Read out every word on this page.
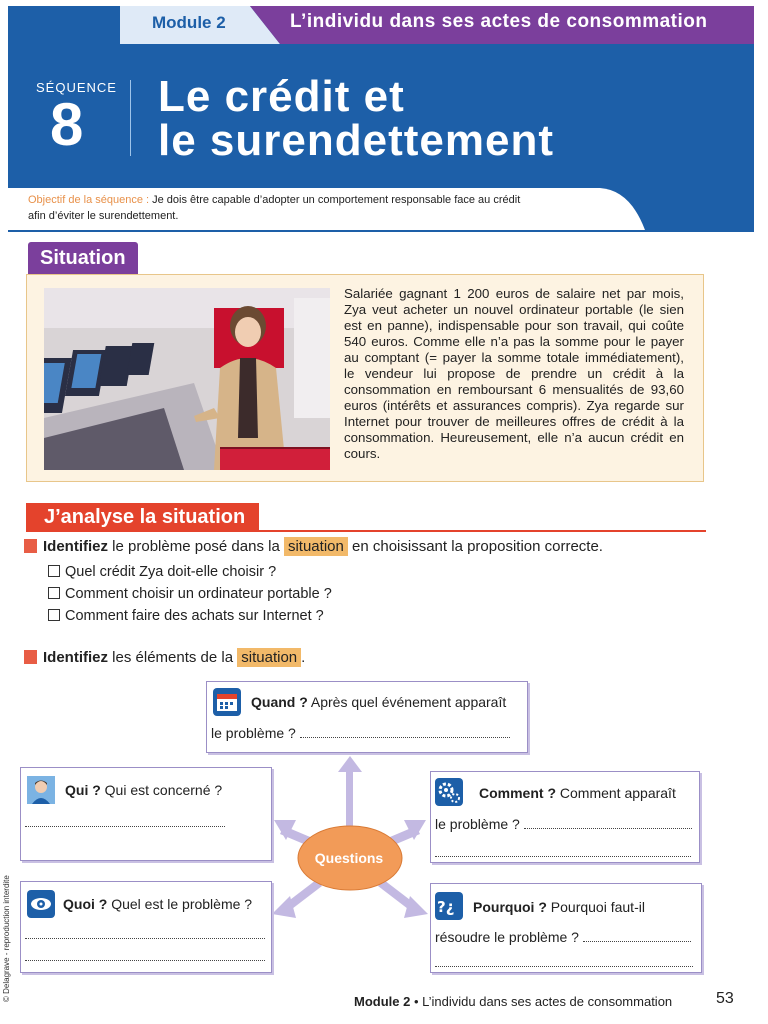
Module 2	L’individu dans ses actes de consommation
SÉQUENCE
8 Le crédit et
le surendettement
Objectif de la séquence : Je dois être capable d’adopter un comportement responsable face au crédit afin d’éviter le surendettement.
Situation
Salariée gagnant 1 200 euros de salaire net par mois, Zya veut acheter un nouvel ordinateur portable (le sien est en panne), indispensable pour son travail, qui coûte 540 euros. Comme elle n’a pas la somme pour le payer au comptant (= payer la somme totale immédiatement), le vendeur lui propose de prendre un crédit à la consommation en remboursant 6 mensualités de 93,60 euros (intérêts et assurances compris). Zya regarde sur Internet pour trouver de meilleures offres de crédit à la consommation. Heureusement, elle n’a aucun crédit en cours.
J’analyse la situation
Identifiez le problème posé dans la situation en choisissant la proposition correcte.
Quel crédit Zya doit-elle choisir ?
Comment choisir un ordinateur portable ?
Comment faire des achats sur Internet ?
Identifiez les éléments de la situation .
Questions
Quand ? Après quel événement apparaît
le problème ?
Qui ? Qui est concerné ?	Comment ? Comment apparaît
le problème ?
Quoi ? Quel est le problème ?	?¿ Pourquoi ? Pourquoi faut-il
résoudre le problème ?
© Delagrave - reproduction interdite	Module 2 • L’individu dans ses actes de consommation	53
